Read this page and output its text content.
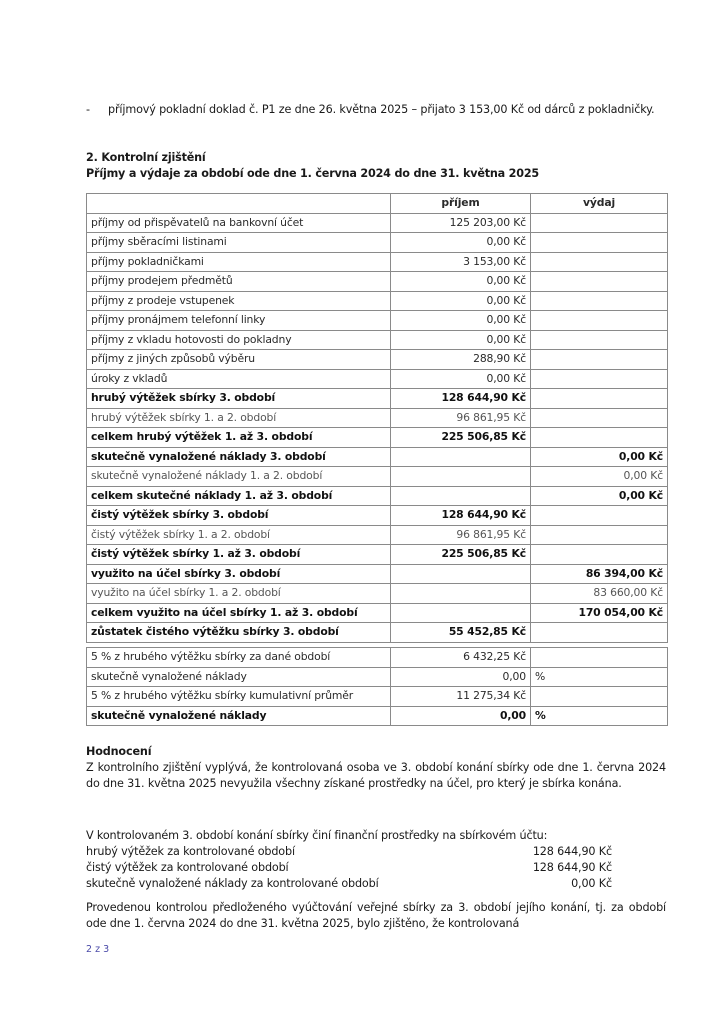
- příjmový pokladní doklad č. P1 ze dne 26. května 2025 – přijato 3 153,00 Kč od dárců z pokladničky.
2. Kontrolní zjištění
Příjmy a výdaje za období ode dne 1. června 2024 do dne 31. května 2025
	příjem	výdaj
příjmy od přispěvatelů na bankovní účet	125 203,00 Kč	
příjmy sběracími listinami	0,00 Kč	
příjmy pokladničkami	3 153,00 Kč	
příjmy prodejem předmětů	0,00 Kč	
příjmy z prodeje vstupenek	0,00 Kč	
příjmy pronájmem telefonní linky	0,00 Kč	
příjmy z vkladu hotovosti do pokladny	0,00 Kč	
příjmy z jiných způsobů výběru	288,90 Kč	
úroky z vkladů	0,00 Kč	
hrubý výtěžek sbírky 3. období	128 644,90 Kč	
hrubý výtěžek sbírky 1. a 2. období	96 861,95 Kč	
celkem hrubý výtěžek 1. až 3. období	225 506,85 Kč	
skutečně vynaložené náklady 3. období		0,00 Kč
skutečně vynaložené náklady 1. a 2. období		0,00 Kč
celkem skutečné náklady 1. až 3. období		0,00 Kč
čistý výtěžek sbírky 3. období	128 644,90 Kč	
čistý výtěžek sbírky 1. a 2. období	96 861,95 Kč	
čistý výtěžek sbírky 1. až 3. období	225 506,85 Kč	
využito na účel sbírky 3. období		86 394,00 Kč
využito na účel sbírky 1. a 2. období		83 660,00 Kč
celkem využito na účel sbírky 1. až 3. období		170 054,00 Kč
zůstatek čistého výtěžku sbírky 3. období	55 452,85 Kč	
5 % z hrubého výtěžku sbírky za dané období	6 432,25 Kč	
skutečně vynaložené náklady	0,00	%
5 % z hrubého výtěžku sbírky kumulativní průměr	11 275,34 Kč	
skutečně vynaložené náklady	0,00	%
Hodnocení
Z kontrolního zjištění vyplývá, že kontrolovaná osoba ve 3. období konání sbírky ode dne 1. června 2024 do dne 31. května 2025 nevyužila všechny získané prostředky na účel, pro který je sbírka konána.
V kontrolovaném 3. období konání sbírky činí finanční prostředky na sbírkovém účtu:
hrubý výtěžek za kontrolované období	128 644,90 Kč
čistý výtěžek za kontrolované období	128 644,90 Kč
skutečně vynaložené náklady za kontrolované období	0,00 Kč
Provedenou kontrolou předloženého vyúčtování veřejné sbírky za 3. období jejího konání, tj. za období ode dne 1. června 2024 do dne 31. května 2025, bylo zjištěno, že kontrolovaná
2 z 3
